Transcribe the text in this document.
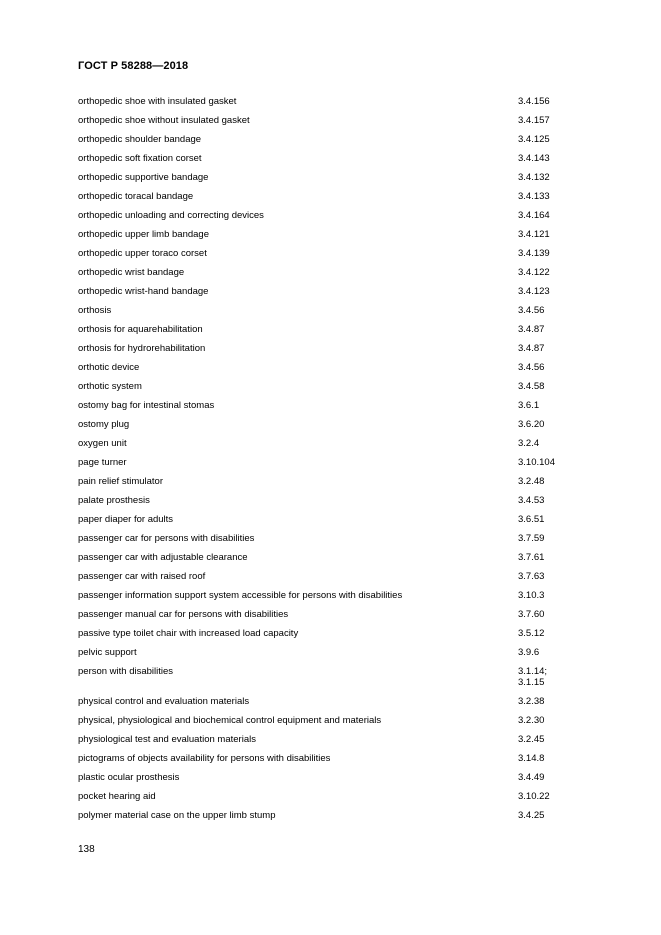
ГОСТ Р 58288—2018
orthopedic shoe with insulated gasket	3.4.156
orthopedic shoe without insulated gasket	3.4.157
orthopedic shoulder bandage	3.4.125
orthopedic soft fixation corset	3.4.143
orthopedic supportive bandage	3.4.132
orthopedic toracal bandage	3.4.133
orthopedic unloading and correcting devices	3.4.164
orthopedic upper limb bandage	3.4.121
orthopedic upper toraco corset	3.4.139
orthopedic wrist bandage	3.4.122
orthopedic wrist-hand bandage	3.4.123
orthosis	3.4.56
orthosis for aquarehabilitation	3.4.87
orthosis for hydrorehabilitation	3.4.87
orthotic device	3.4.56
orthotic system	3.4.58
ostomy bag for intestinal stomas	3.6.1
ostomy plug	3.6.20
oxygen unit	3.2.4
page turner	3.10.104
pain relief stimulator	3.2.48
palate prosthesis	3.4.53
paper diaper for adults	3.6.51
passenger car for persons with disabilities	3.7.59
passenger car with adjustable clearance	3.7.61
passenger car with raised roof	3.7.63
passenger information support system accessible for persons with disabilities	3.10.3
passenger manual car for persons with disabilities	3.7.60
passive type toilet chair with increased load capacity	3.5.12
pelvic support	3.9.6
person with disabilities	3.1.14;
3.1.15
physical control and evaluation materials	3.2.38
physical, physiological and biochemical control equipment and materials	3.2.30
physiological test and evaluation materials	3.2.45
pictograms of objects availability for persons with disabilities	3.14.8
plastic ocular prosthesis	3.4.49
pocket hearing aid	3.10.22
polymer material case on the upper limb stump	3.4.25
138
